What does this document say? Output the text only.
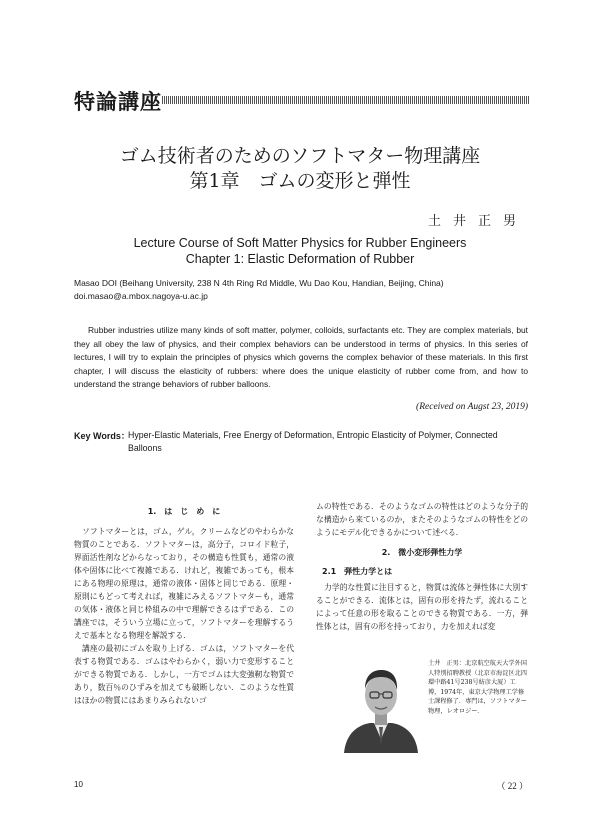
特論講座
ゴム技術者のためのソフトマター物理講座
第1章　ゴムの変形と弾性
土井正男
Lecture Course of Soft Matter Physics for Rubber Engineers
Chapter 1: Elastic Deformation of Rubber
Masao DOI (Beihang University, 238 N 4th Ring Rd Middle, Wu Dao Kou, Handian, Beijing, China)
doi.masao@a.mbox.nagoya-u.ac.jp

Rubber industries utilize many kinds of soft matter, polymer, colloids, surfactants etc. They are complex materials, but they all obey the law of physics, and their complex behaviors can be understood in terms of physics. In this series of lectures, I will try to explain the principles of physics which governs the complex behavior of these materials. In this first chapter, I will discuss the elasticity of rubbers: where does the unique elasticity of rubber come from, and how to understand the strange behaviors of rubber balloons.

(Received on Augst 23, 2019)
Key Words：

Hyper-Elastic Materials, Free Energy of Deformation, Entropic Elasticity of Polymer, Connected Balloons

1.　は　じ　め　に

ソフトマターとは，ゴム，ゲル，クリームなどのやわらかな物質のことである．ソフトマターは，高分子，コロイド粒子，界面活性剤などからなっており，その構造も性質も，通常の液体や固体に比べて複雑である．けれど，複雑であっても，根本にある物理の原理は，通常の液体・固体と同じである．原理・原則にもどって考えれば，複雑にみえるソフトマターも，通常の気体・液体と同じ枠組みの中で理解できるはずである．この講座では，そういう立場に立って，ソフトマターを理解するうえで基本となる物理を解説する．

講座の最初にゴムを取り上げる．ゴムは，ソフトマターを代表する物質である．ゴムはやわらかく，弱い力で変形することができる物質である．しかし，一方でゴムは大変強靭な物質であり，数百％のひずみを加えても破断しない．このような性質はほかの物質にはあまりみられないゴ

ムの特性である．そのようなゴムの特性はどのような分子的な構造から来ているのか，またそのようなゴムの特性をどのようにモデル化できるかについて述べる．

2.　微小変形弾性力学
2.1　弾性力学とは

力学的な性質に注目すると，物質は流体と弾性体に大別することができる．流体とは，固有の形を持たず，流れることによって任意の形を取ることのできる物質である．一方，弾性体とは，固有の形を持っており，力を加えれば変

土井　正男：北京航空航天大学外国人特別招聘教授（北京市海淀区北四環中路41号238号紡彦大厦）工博，1974年，東京大学物理工学修士課程修了．専門は，ソフトマター物理，レオロジー．

10	（ 22 ）
